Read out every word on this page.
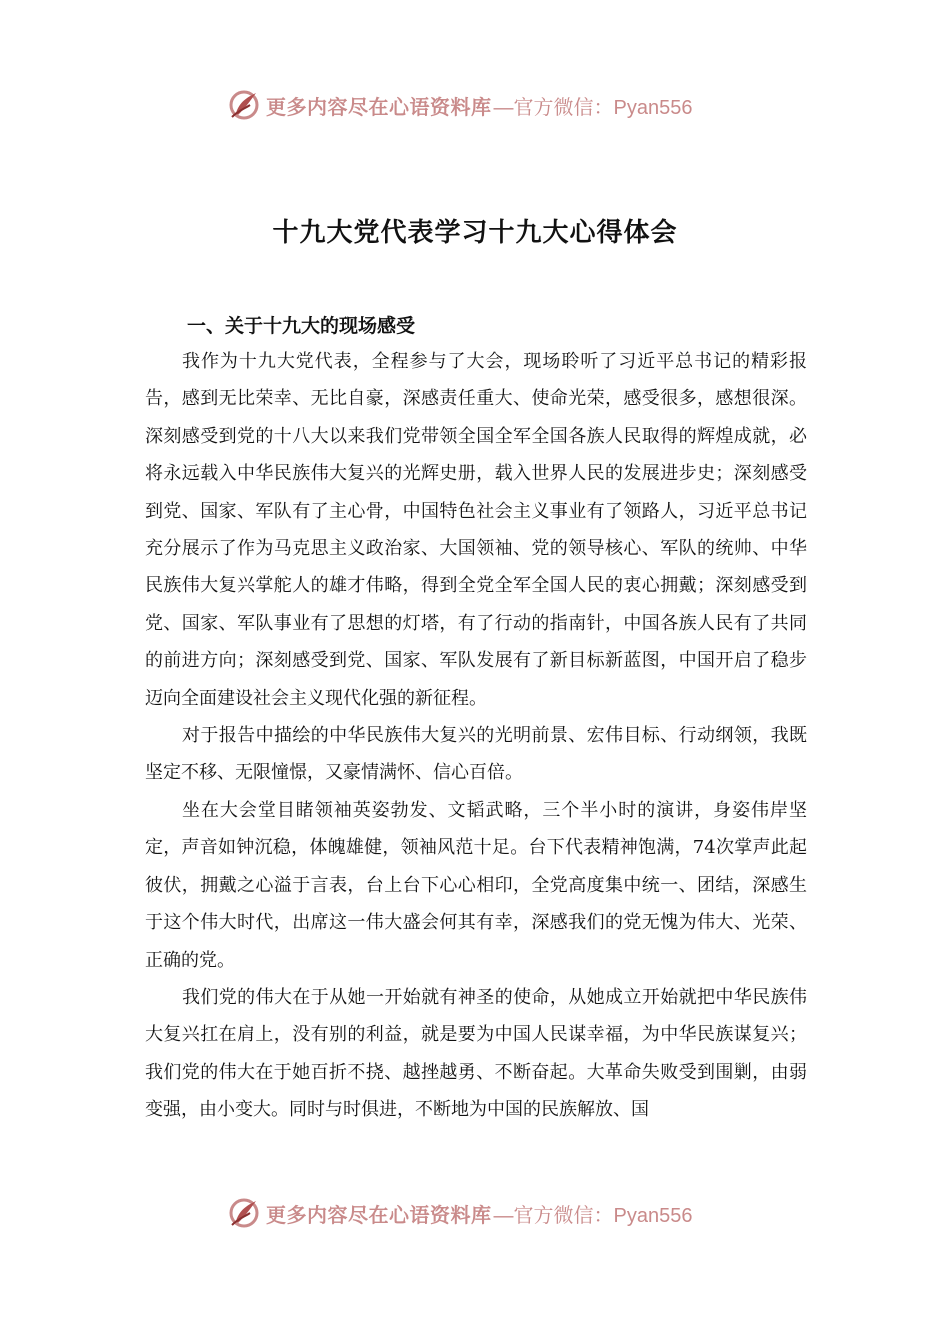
更多内容尽在心语资料库 —官方微信：Pyan556
十九大党代表学习十九大心得体会
一、关于十九大的现场感受

我作为十九大党代表，全程参与了大会，现场聆听了习近平总书记的精彩报告，感到无比荣幸、无比自豪，深感责任重大、使命光荣，感受很多，感想很深。深刻感受到党的十八大以来我们党带领全国全军全国各族人民取得的辉煌成就，必将永远载入中华民族伟大复兴的光辉史册，载入世界人民的发展进步史；深刻感受到党、国家、军队有了主心骨，中国特色社会主义事业有了领路人，习近平总书记充分展示了作为马克思主义政治家、大国领袖、党的领导核心、军队的统帅、中华民族伟大复兴掌舵人的雄才伟略，得到全党全军全国人民的衷心拥戴；深刻感受到党、国家、军队事业有了思想的灯塔，有了行动的指南针，中国各族人民有了共同的前进方向；深刻感受到党、国家、军队发展有了新目标新蓝图，中国开启了稳步迈向全面建设社会主义现代化强的新征程。

对于报告中描绘的中华民族伟大复兴的光明前景、宏伟目标、行动纲领，我既坚定不移、无限憧憬，又豪情满怀、信心百倍。

坐在大会堂目睹领袖英姿勃发、文韬武略，三个半小时的演讲，身姿伟岸坚定，声音如钟沉稳，体魄雄健，领袖风范十足。台下代表精神饱满，74次掌声此起彼伏，拥戴之心溢于言表，台上台下心心相印，全党高度集中统一、团结，深感生于这个伟大时代，出席这一伟大盛会何其有幸，深感我们的党无愧为伟大、光荣、正确的党。

我们党的伟大在于从她一开始就有神圣的使命，从她成立开始就把中华民族伟大复兴扛在肩上，没有别的利益，就是要为中国人民谋幸福，为中华民族谋复兴；我们党的伟大在于她百折不挠、越挫越勇、不断奋起。大革命失败受到围剿，由弱变强，由小变大。同时与时俱进，不断地为中国的民族解放、国

更多内容尽在心语资料库 —官方微信：Pyan556
